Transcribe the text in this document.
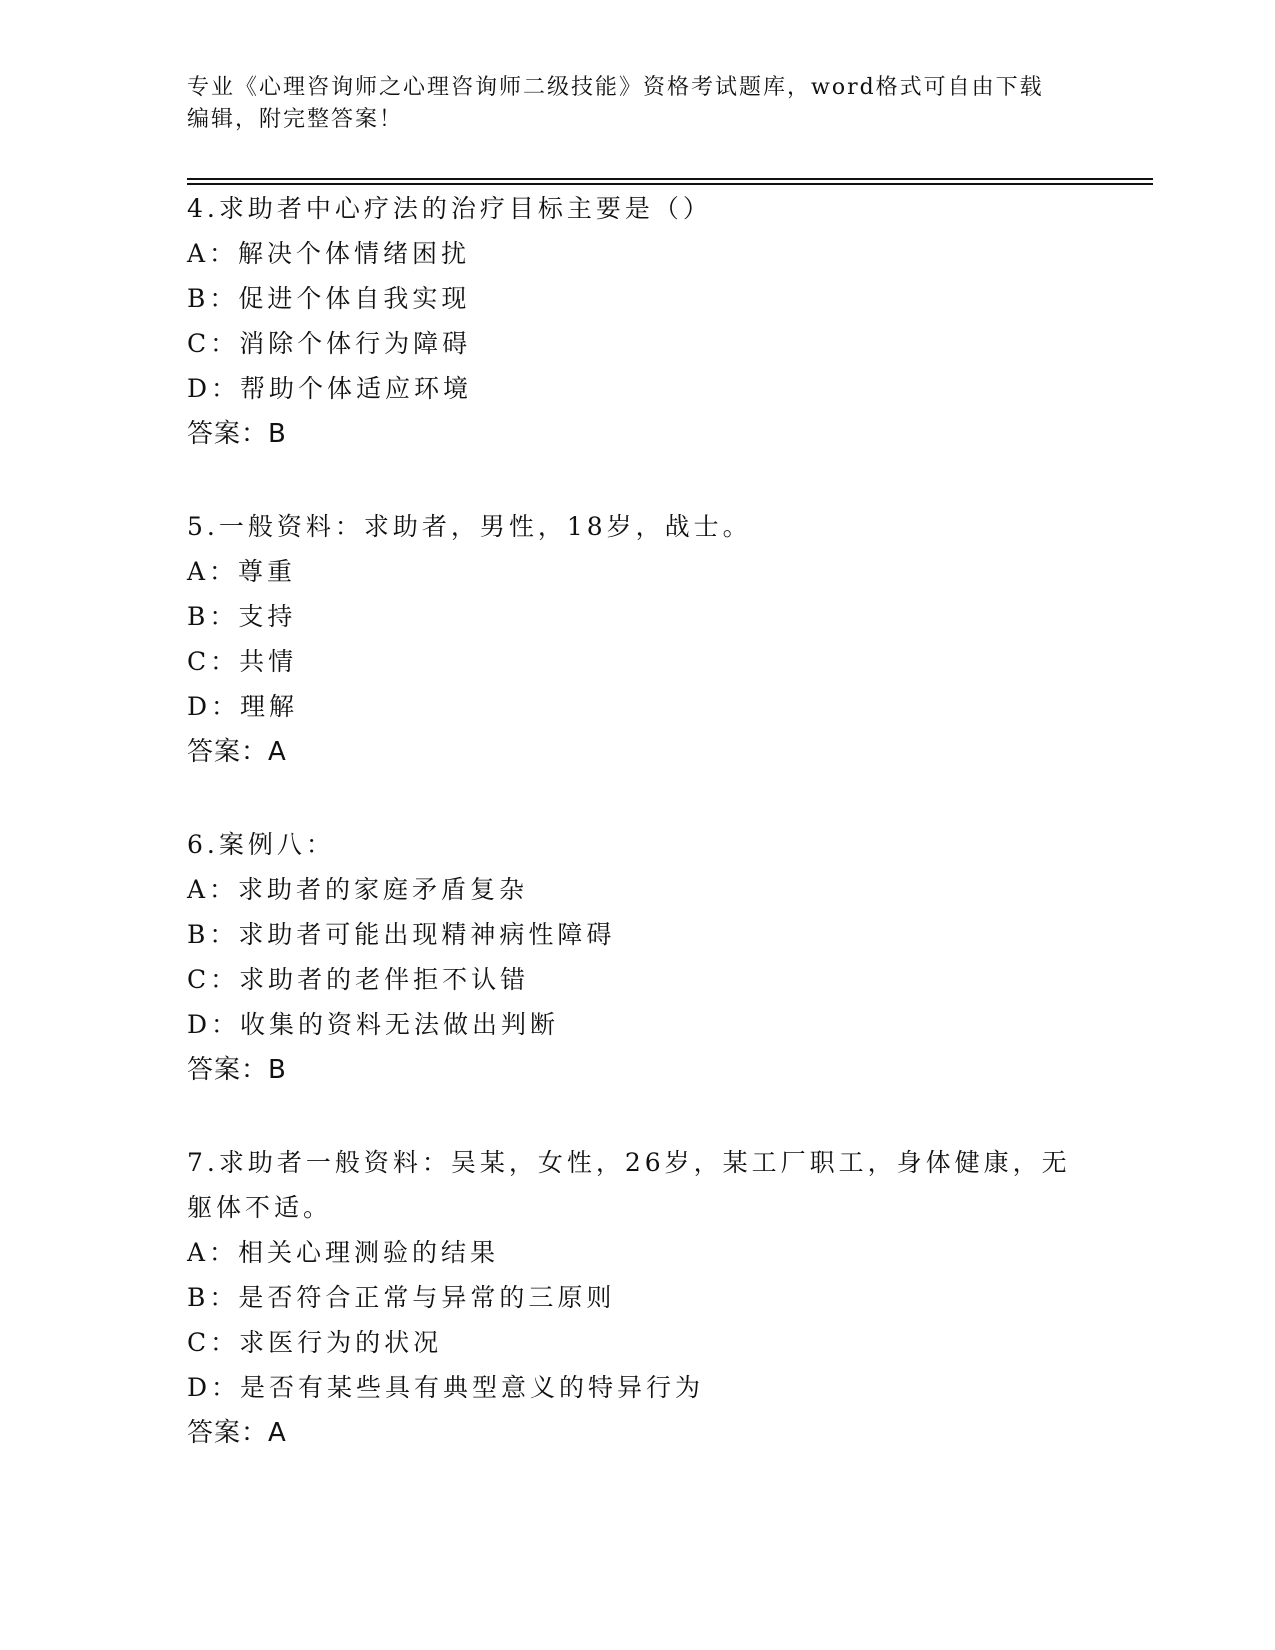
专业《心理咨询师之心理咨询师二级技能》资格考试题库，word格式可自由下载
编辑，附完整答案！
4.求助者中心疗法的治疗目标主要是（）
A：解决个体情绪困扰
B：促进个体自我实现
C：消除个体行为障碍
D：帮助个体适应环境
答案：B
5.一般资料：求助者，男性，18岁，战士。
A：尊重
B：支持
C：共情
D：理解
答案：A
6.案例八：
A：求助者的家庭矛盾复杂
B：求助者可能出现精神病性障碍
C：求助者的老伴拒不认错
D：收集的资料无法做出判断
答案：B
7.求助者一般资料：吴某，女性，26岁，某工厂职工，身体健康，无
躯体不适。
A：相关心理测验的结果
B：是否符合正常与异常的三原则
C：求医行为的状况
D：是否有某些具有典型意义的特异行为
答案：A
